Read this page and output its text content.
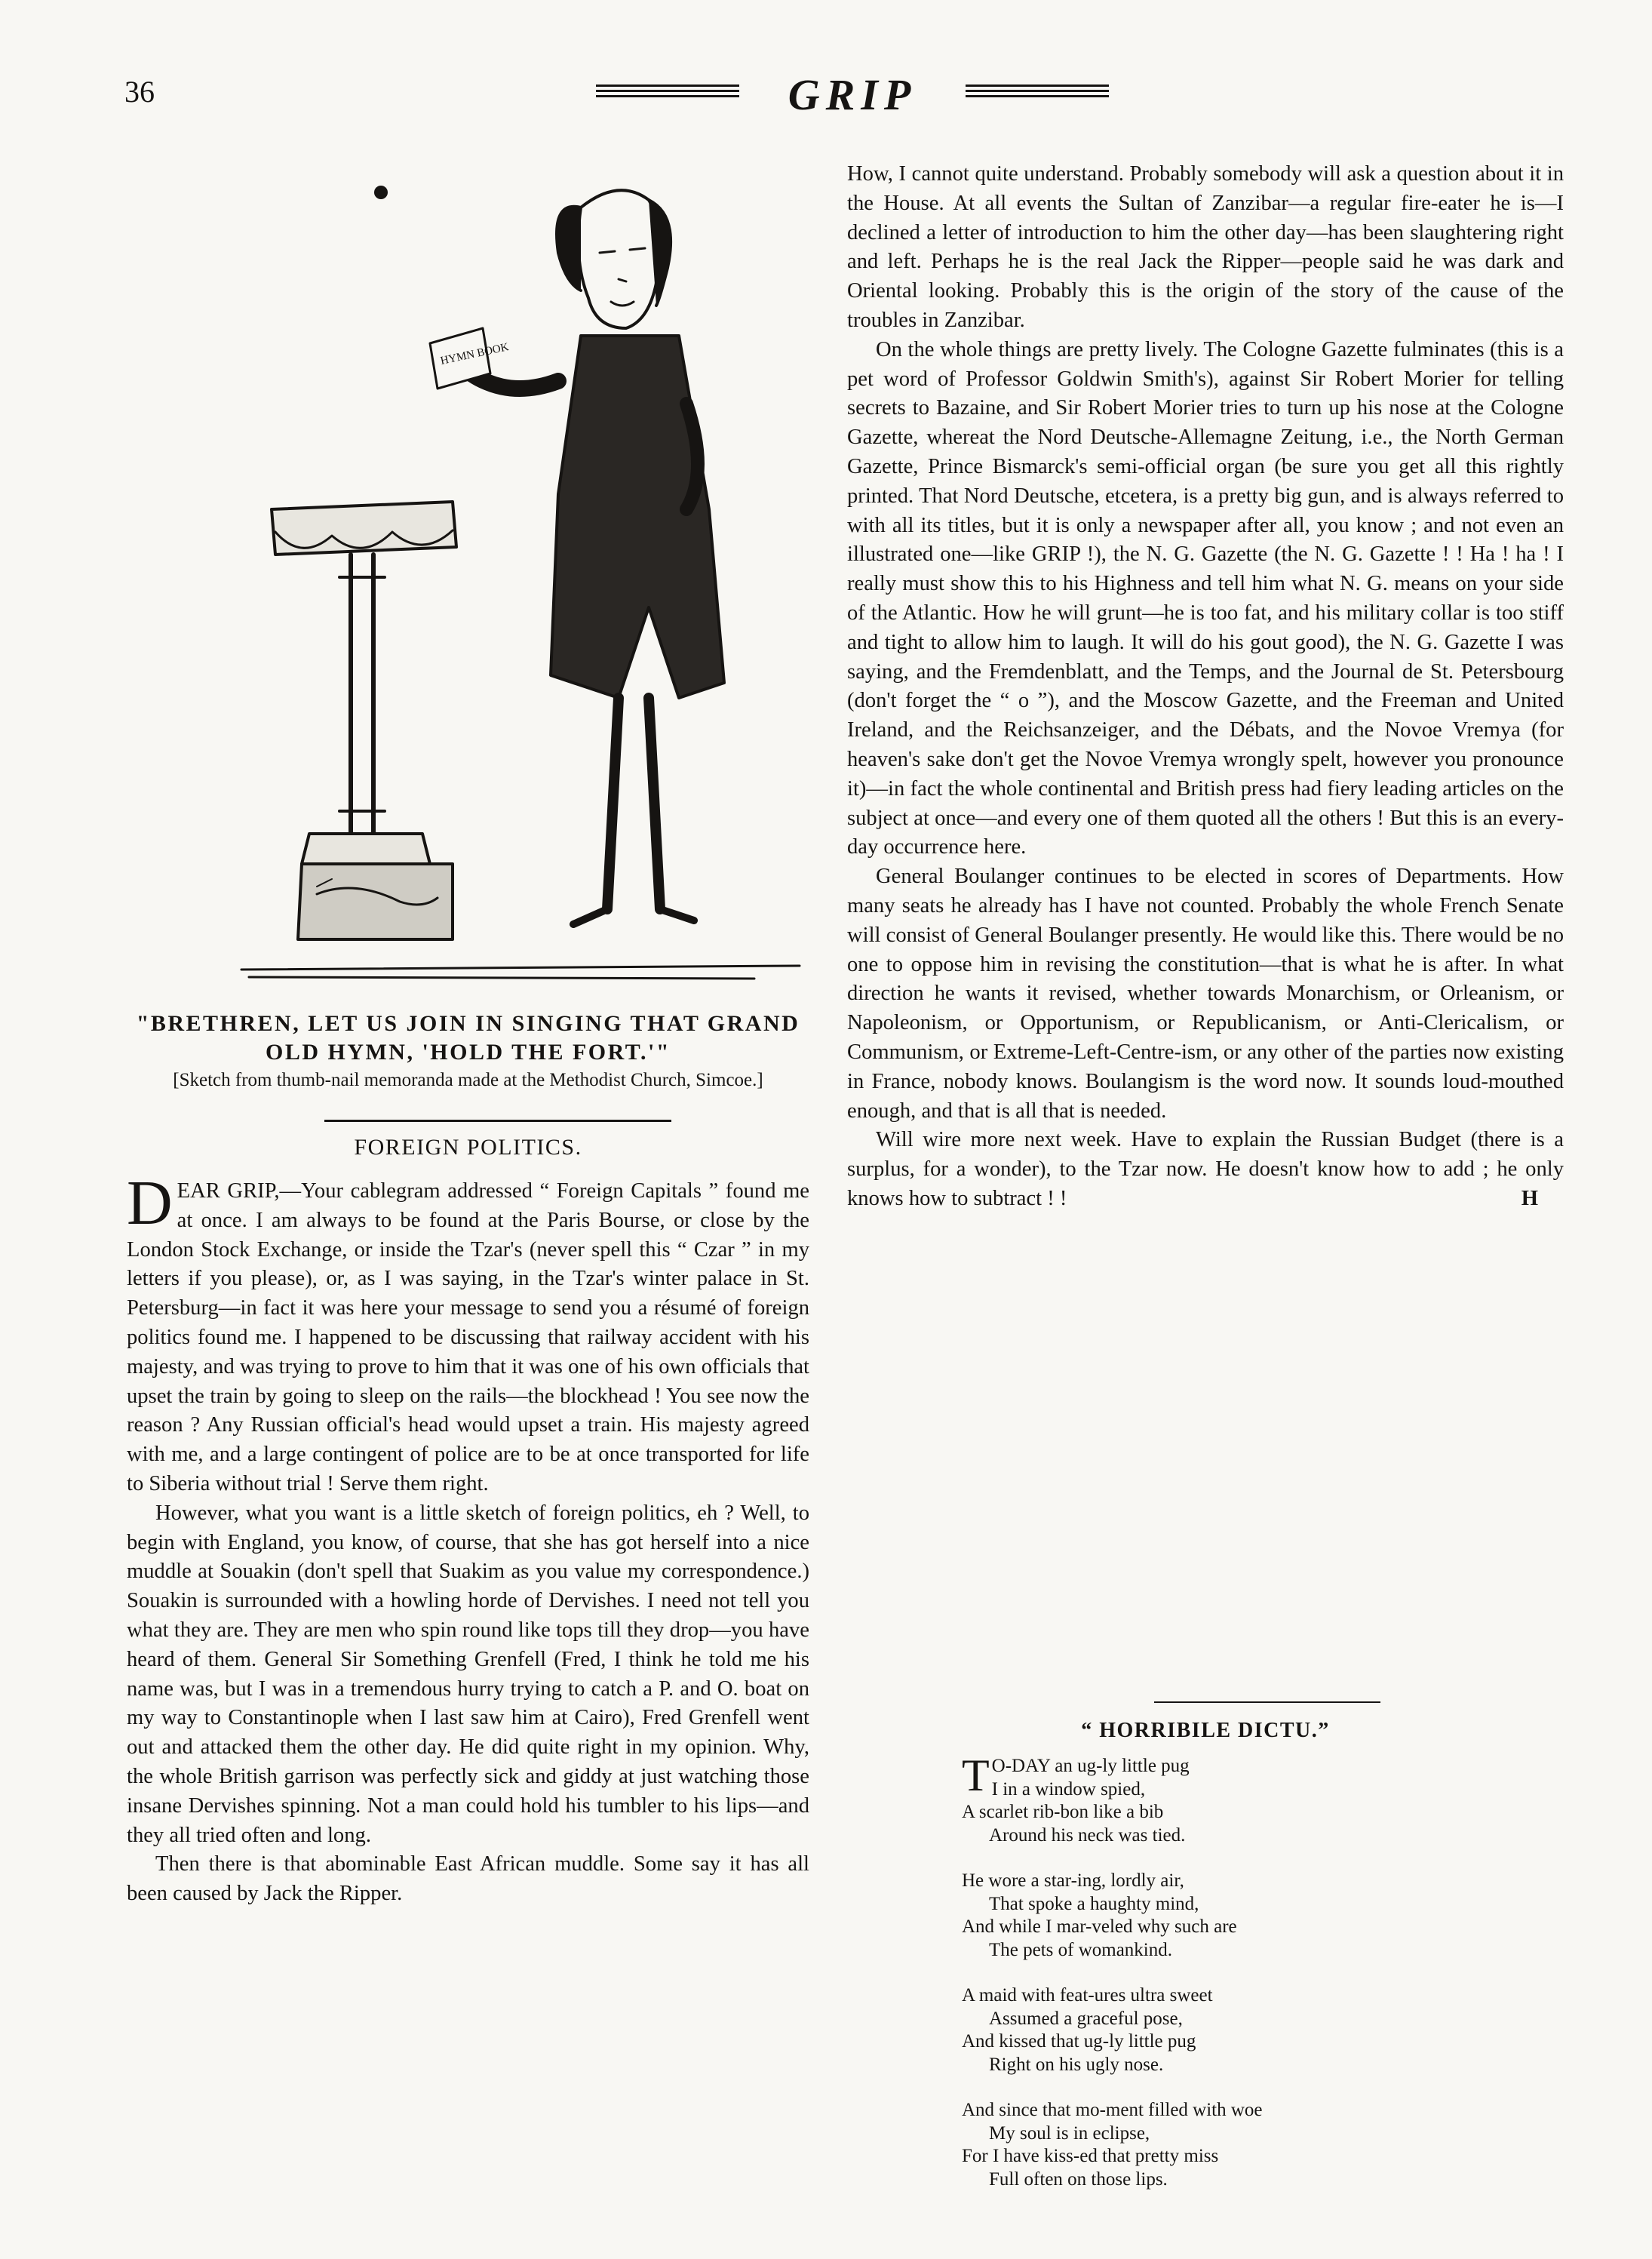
36	GRIP
HYMN BOOK
"BRETHREN, LET US JOIN IN SINGING THAT GRAND OLD HYMN, 'HOLD THE FORT.'"
[Sketch from thumb-nail memoranda made at the Methodist Church, Simcoe.]
FOREIGN POLITICS.

DEAR GRIP,—Your cablegram addressed “ Foreign Capitals ” found me at once. I am always to be found at the Paris Bourse, or close by the London Stock Exchange, or inside the Tzar's (never spell this “ Czar ” in my letters if you please), or, as I was saying, in the Tzar's winter palace in St. Petersburg—in fact it was here your message to send you a résumé of foreign politics found me. I happened to be discussing that railway accident with his majesty, and was trying to prove to him that it was one of his own officials that upset the train by going to sleep on the rails—the blockhead ! You see now the reason ? Any Russian official's head would upset a train. His majesty agreed with me, and a large contingent of police are to be at once transported for life to Siberia without trial ! Serve them right.

However, what you want is a little sketch of foreign politics, eh ? Well, to begin with England, you know, of course, that she has got herself into a nice muddle at Souakin (don't spell that Suakim as you value my correspondence.) Souakin is surrounded with a howling horde of Dervishes. I need not tell you what they are. They are men who spin round like tops till they drop—you have heard of them. General Sir Something Grenfell (Fred, I think he told me his name was, but I was in a tremendous hurry trying to catch a P. and O. boat on my way to Constantinople when I last saw him at Cairo), Fred Grenfell went out and attacked them the other day. He did quite right in my opinion. Why, the whole British garrison was perfectly sick and giddy at just watching those insane Dervishes spinning. Not a man could hold his tumbler to his lips—and they all tried often and long.

Then there is that abominable East African muddle. Some say it has all been caused by Jack the Ripper.

How, I cannot quite understand. Probably somebody will ask a question about it in the House. At all events the Sultan of Zanzibar—a regular fire-eater he is—I declined a letter of introduction to him the other day—has been slaughtering right and left. Perhaps he is the real Jack the Ripper—people said he was dark and Oriental looking. Probably this is the origin of the story of the cause of the troubles in Zanzibar.

On the whole things are pretty lively. The Cologne Gazette fulminates (this is a pet word of Professor Goldwin Smith's), against Sir Robert Morier for telling secrets to Bazaine, and Sir Robert Morier tries to turn up his nose at the Cologne Gazette, whereat the Nord Deutsche-Allemagne Zeitung, i.e., the North German Gazette, Prince Bismarck's semi-official organ (be sure you get all this rightly printed. That Nord Deutsche, etcetera, is a pretty big gun, and is always referred to with all its titles, but it is only a newspaper after all, you know ; and not even an illustrated one—like GRIP !), the N. G. Gazette (the N. G. Gazette ! ! Ha ! ha ! I really must show this to his Highness and tell him what N. G. means on your side of the Atlantic. How he will grunt—he is too fat, and his military collar is too stiff and tight to allow him to laugh. It will do his gout good), the N. G. Gazette I was saying, and the Fremdenblatt, and the Temps, and the Journal de St. Petersbourg (don't forget the “ o ”), and the Moscow Gazette, and the Freeman and United Ireland, and the Reichsanzeiger, and the Débats, and the Novoe Vremya (for heaven's sake don't get the Novoe Vremya wrongly spelt, however you pronounce it)—in fact the whole continental and British press had fiery leading articles on the subject at once—and every one of them quoted all the others ! But this is an every-day occurrence here.

General Boulanger continues to be elected in scores of Departments. How many seats he already has I have not counted. Probably the whole French Senate will consist of General Boulanger presently. He would like this. There would be no one to oppose him in revising the constitution—that is what he is after. In what direction he wants it revised, whether towards Monarchism, or Orleanism, or Napoleonism, or Opportunism, or Republicanism, or Anti-Clericalism, or Communism, or Extreme-Left-Centre-ism, or any other of the parties now existing in France, nobody knows. Boulangism is the word now. It sounds loud-mouthed enough, and that is all that is needed.

Will wire more next week. Have to explain the Russian Budget (there is a surplus, for a wonder), to the Tzar now. He doesn't know how to add ; he only knows how to subtract ! !	H

“ HORRIBILE DICTU.”
T O-DAY an ug-ly little pug
I in a window spied,
A scarlet rib-bon like a bib
Around his neck was tied.
He wore a star-ing, lordly air,
That spoke a haughty mind,
And while I mar-veled why such are
The pets of womankind.
A maid with feat-ures ultra sweet
Assumed a graceful pose,
And kissed that ug-ly little pug
Right on his ugly nose.
And since that mo-ment filled with woe
My soul is in eclipse,
For I have kiss-ed that pretty miss
Full often on those lips.
